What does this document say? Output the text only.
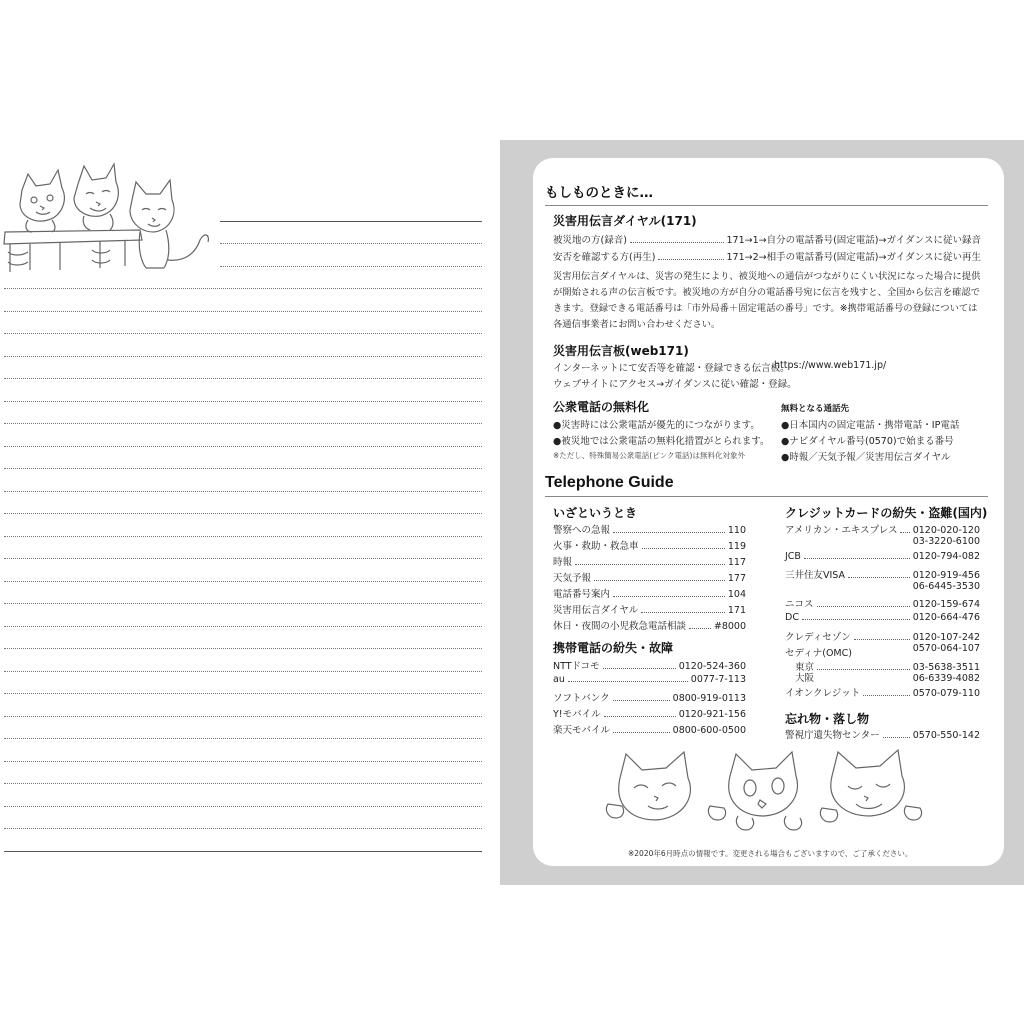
もしものときに…
災害用伝言ダイヤル(171)
被災地の方(録音)	171→1→自分の電話番号(固定電話)→ガイダンスに従い録音
安否を確認する方(再生)	171→2→相手の電話番号(固定電話)→ガイダンスに従い再生
災害用伝言ダイヤルは、災害の発生により、被災地への通信がつながりにくい状況になった場合に提供が開始される声の伝言板です。被災地の方が自分の電話番号宛に伝言を残すと、全国から伝言を確認できます。登録できる電話番号は「市外局番＋固定電話の番号」です。※携帯電話番号の登録については各通信事業者にお問い合わせください。
災害用伝言板(web171)
インターネットにて安否等を確認・登録できる伝言板。
https://www.web171.jp/
ウェブサイトにアクセス→ガイダンスに従い確認・登録。
公衆電話の無料化
●災害時には公衆電話が優先的につながります。
●被災地では公衆電話の無料化措置がとられます。
※ただし、特殊簡易公衆電話(ピンク電話)は無料化対象外
無料となる通話先
●日本国内の固定電話・携帯電話・IP電話
●ナビダイヤル番号(0570)で始まる番号
●時報／天気予報／災害用伝言ダイヤル
Telephone Guide
いざというとき
警察への急報	110
火事・救助・救急車	119
時報	117
天気予報	177
電話番号案内	104
災害用伝言ダイヤル	171
休日・夜間の小児救急電話相談	#8000
携帯電話の紛失・故障
NTTドコモ	0120-524-360
au	0077-7-113
ソフトバンク	0800-919-0113
Y!モバイル	0120-921-156
楽天モバイル	0800-600-0500
クレジットカードの紛失・盗難(国内)
アメリカン・エキスプレス 0120-020-120
03-3220-6100
JCB	0120-794-082
三井住友VISA	0120-919-456
06-6445-3530
ニコス	0120-159-674
DC	0120-664-476
クレディセゾン	0120-107-242
0570-064-107
セディナ(OMC)
東京	03-5638-3511
大阪	06-6339-4082
イオンクレジット	0570-079-110
忘れ物・落し物
警視庁遺失物センター	0570-550-142
※2020年6月時点の情報です。変更される場合もございますので、ご了承ください。
